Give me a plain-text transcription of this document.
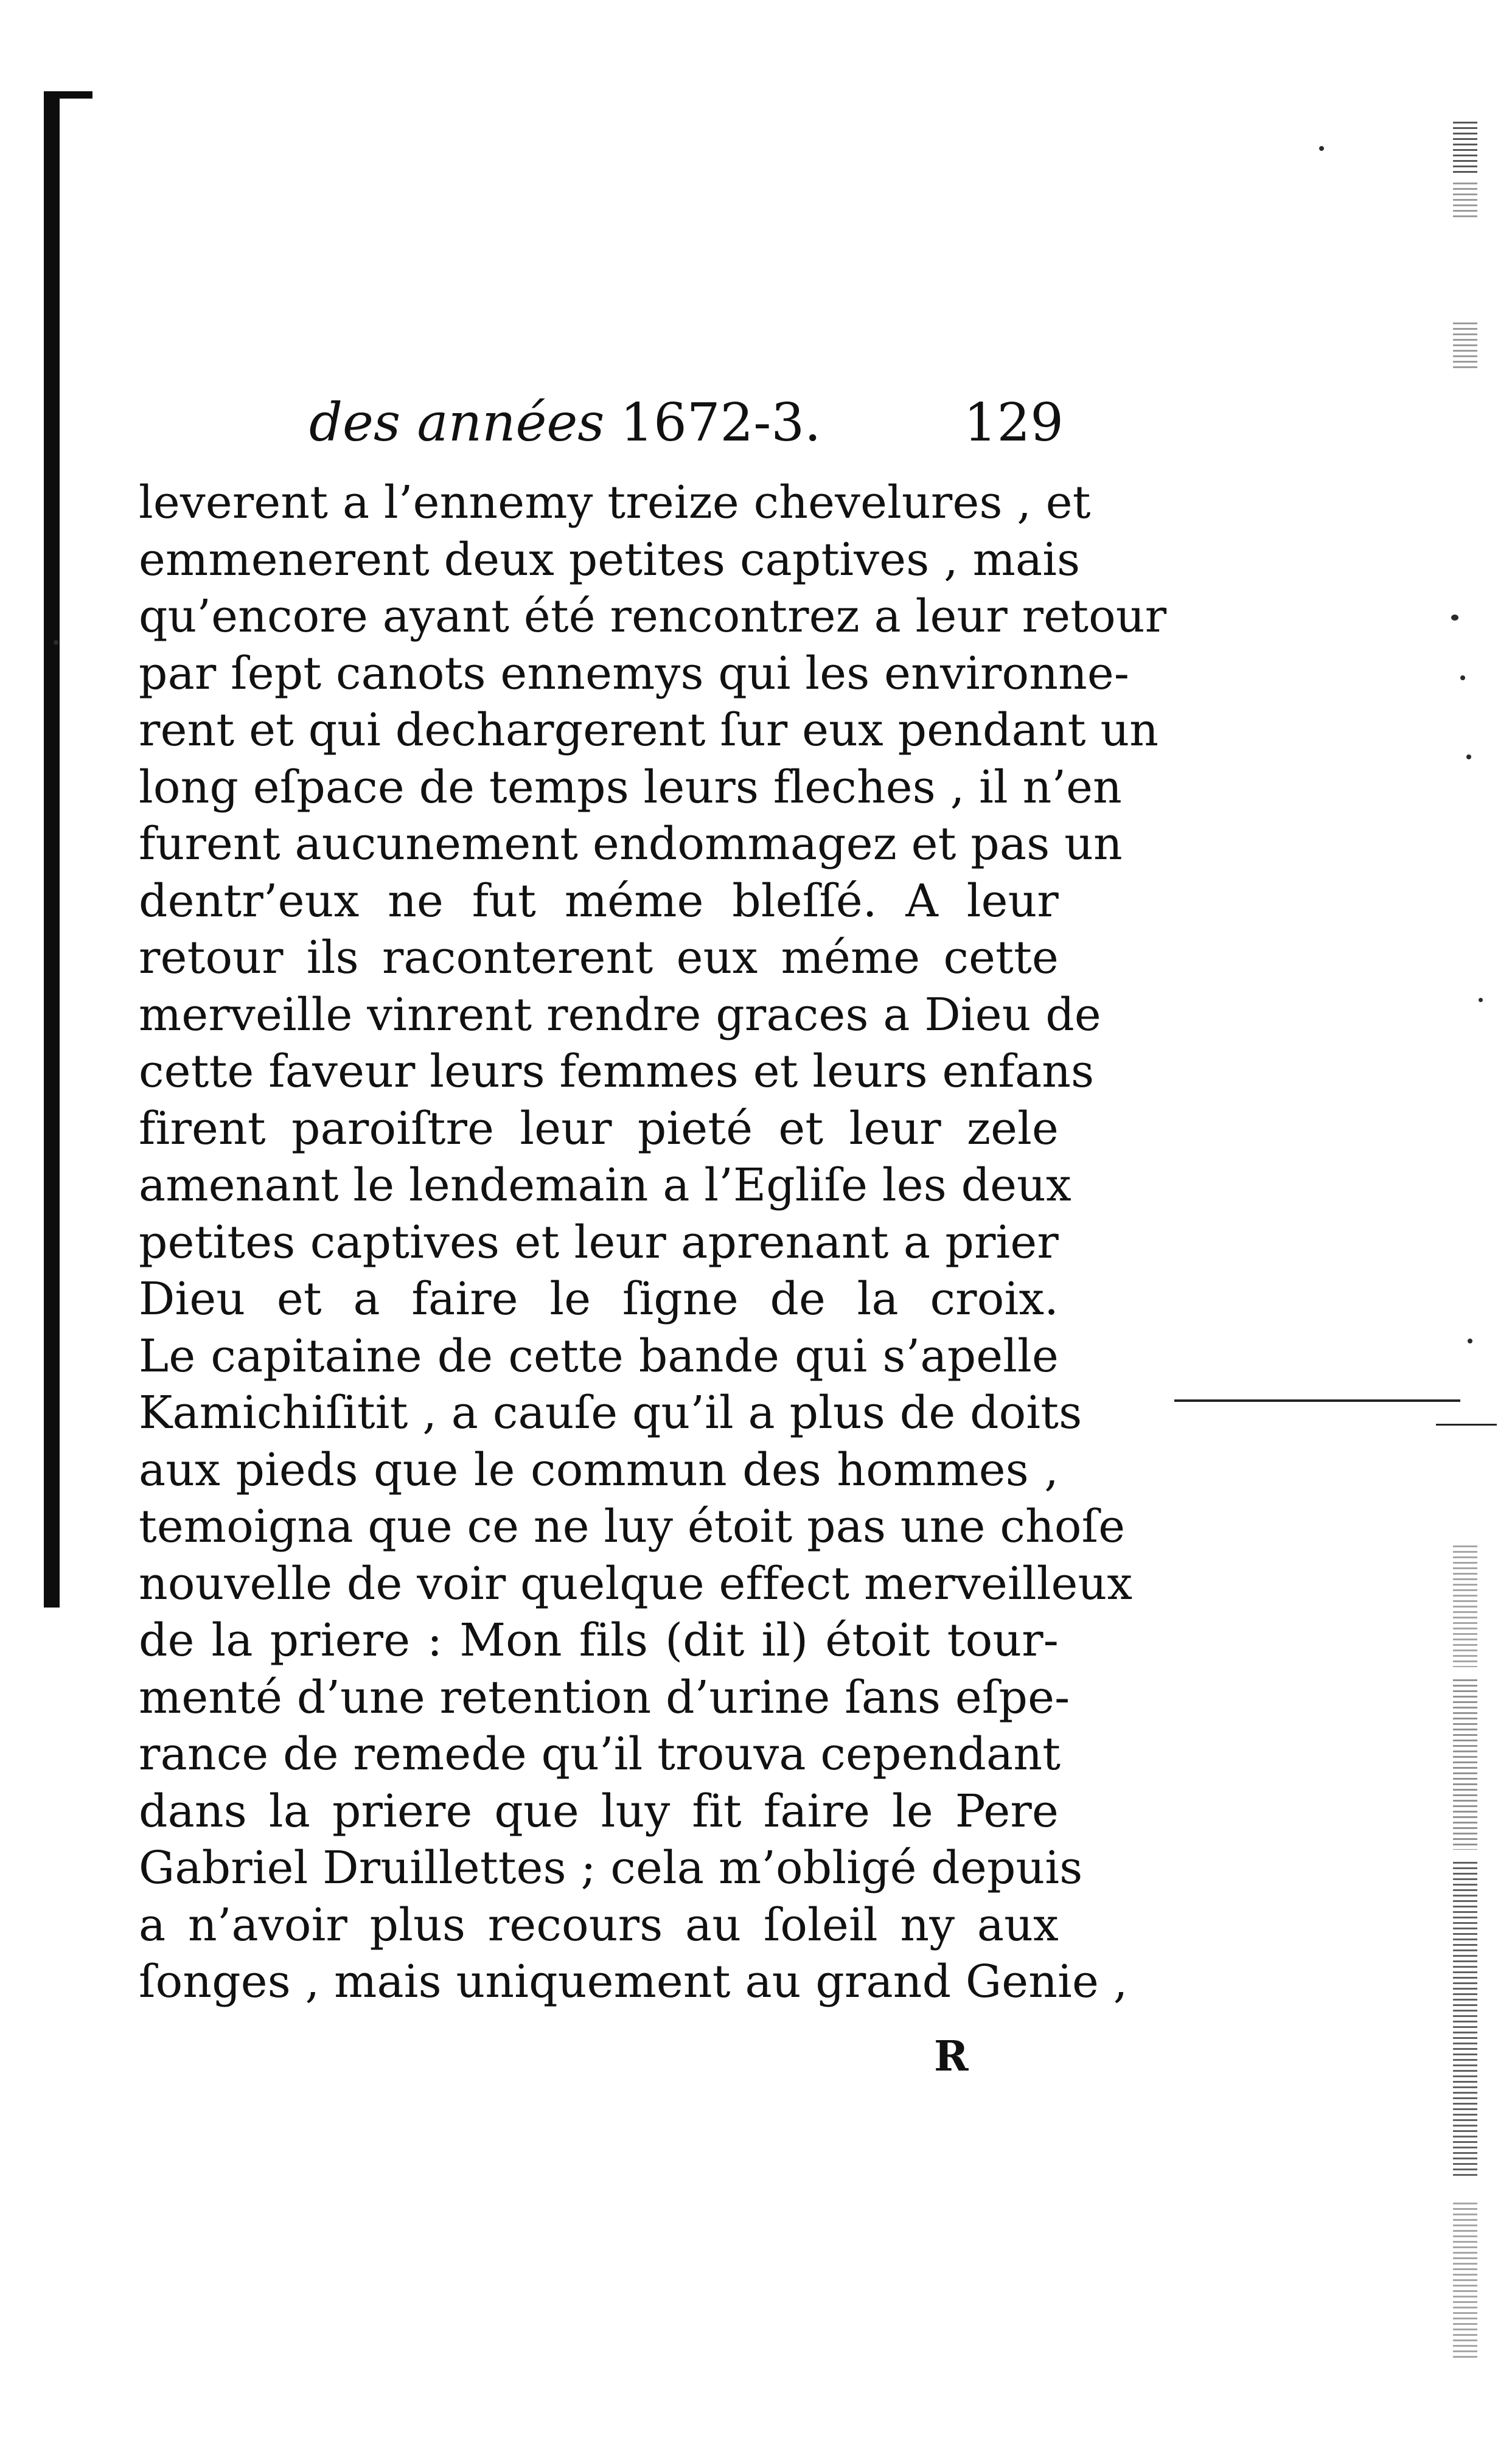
des années 1672-3.	129
leverent a l’ennemy treize chevelures , et
emmenerent deux petites captives , mais
qu’encore ayant été rencontrez a leur retour
par ſept canots ennemys qui les environne-
rent et qui dechargerent ſur eux pendant un
long eſpace de temps leurs fleches , il n’en
furent aucunement endommagez et pas un
dentr’eux ne fut méme bleſſé. A leur
retour ils raconterent eux méme cette
merveille vinrent rendre graces a Dieu de
cette faveur leurs femmes et leurs enfans
firent paroiſtre leur pieté et leur zele
amenant le lendemain a l’Egliſe les deux
petites captives et leur aprenant a prier
Dieu et a faire le ſigne de la croix.
Le capitaine de cette bande qui s’apelle
Kamichiſitit , a cauſe qu’il a plus de doits
aux pieds que le commun des hommes ,
temoigna que ce ne luy étoit pas une choſe
nouvelle de voir quelque effect merveilleux
de la priere : Mon fils (dit il) étoit tour-
menté d’une retention d’urine ſans eſpe-
rance de remede qu’il trouva cependant
dans la priere que luy fit faire le Pere
Gabriel Druillettes ; cela m’obligé depuis
a n’avoir plus recours au ſoleil ny aux
ſonges , mais uniquement au grand Genie ,
R
